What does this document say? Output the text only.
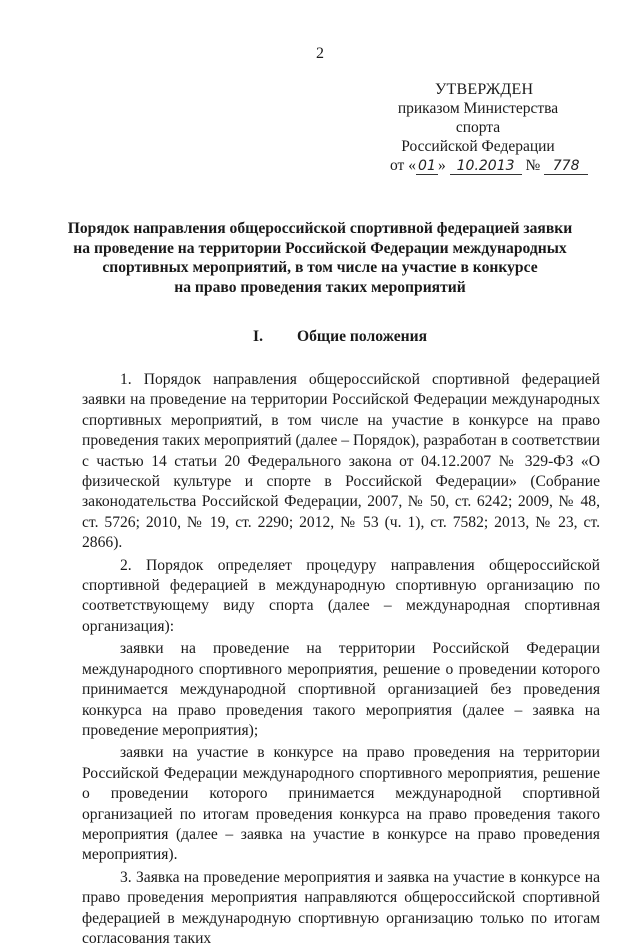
2
УТВЕРЖДЕН
приказом Министерства спорта
Российской Федерации
от « 01 » 10.2013 № 778
Порядок направления общероссийской спортивной федерацией заявки
на проведение на территории Российской Федерации международных
спортивных мероприятий, в том числе на участие в конкурсе
на право проведения таких мероприятий
I. Общие положения

1. Порядок направления общероссийской спортивной федерацией заявки на проведение на территории Российской Федерации международных спортивных мероприятий, в том числе на участие в конкурсе на право проведения таких мероприятий (далее – Порядок), разработан в соответствии с частью 14 статьи 20 Федерального закона от 04.12.2007 № 329-ФЗ «О физической культуре и спорте в Российской Федерации» (Собрание законодательства Российской Федерации, 2007, № 50, ст. 6242; 2009, № 48, ст. 5726; 2010, № 19, ст. 2290; 2012, № 53 (ч. 1), ст. 7582; 2013, № 23, ст. 2866).

2. Порядок определяет процедуру направления общероссийской спортивной федерацией в международную спортивную организацию по соответствующему виду спорта (далее – международная спортивная организация):

заявки на проведение на территории Российской Федерации международного спортивного мероприятия, решение о проведении которого принимается международной спортивной организацией без проведения конкурса на право проведения такого мероприятия (далее – заявка на проведение мероприятия);

заявки на участие в конкурсе на право проведения на территории Российской Федерации международного спортивного мероприятия, решение о проведении которого принимается международной спортивной организацией по итогам проведения конкурса на право проведения такого мероприятия (далее – заявка на участие в конкурсе на право проведения мероприятия).

3. Заявка на проведение мероприятия и заявка на участие в конкурсе на право проведения мероприятия направляются общероссийской спортивной федерацией в международную спортивную организацию только по итогам согласования таких
